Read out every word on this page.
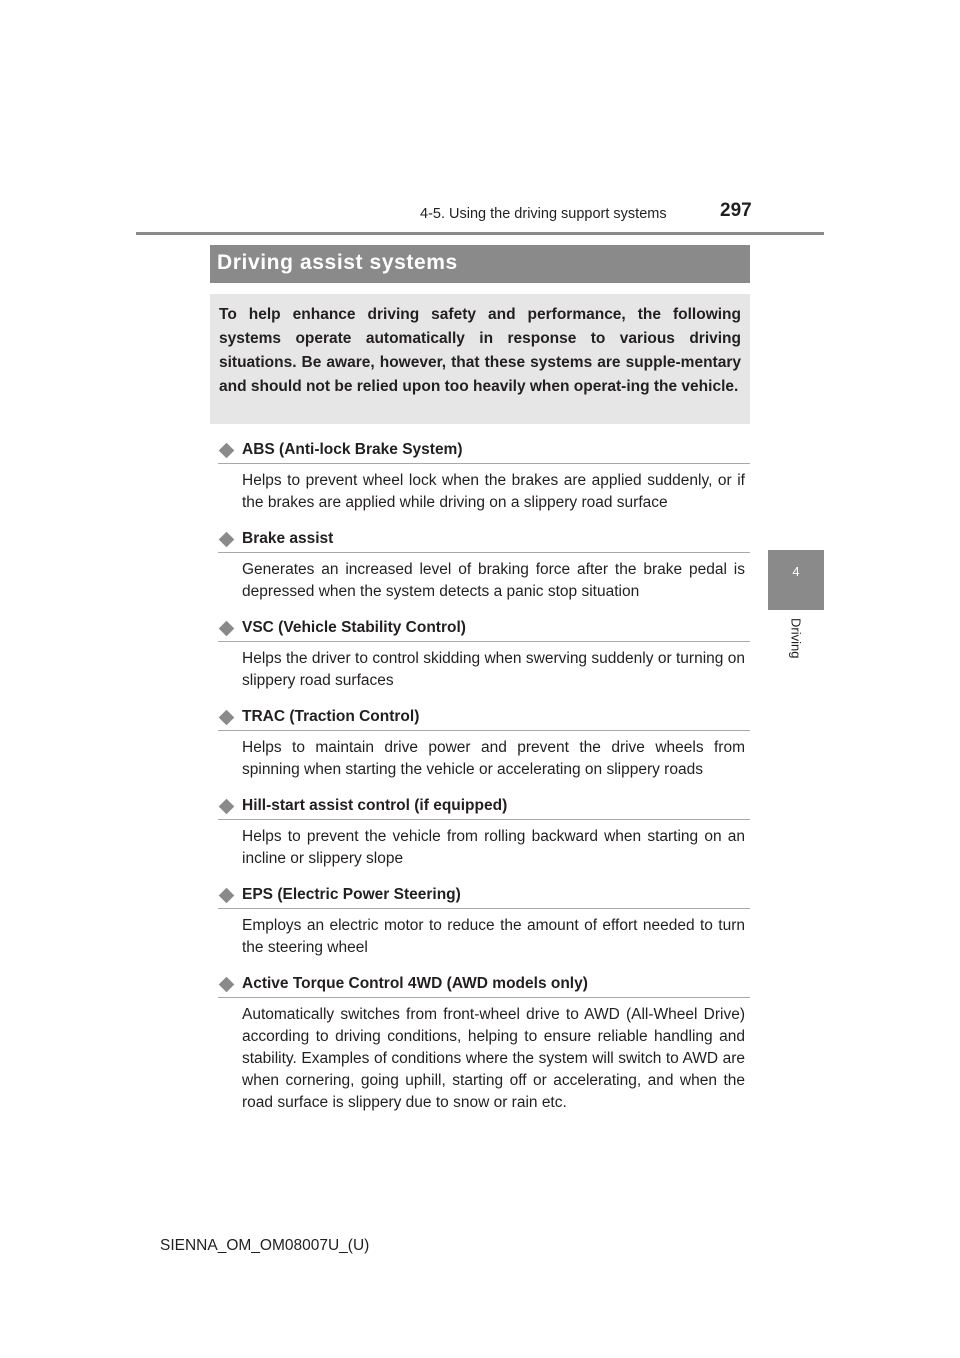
4-5. Using the driving support systems	297
4
Driving
Driving assist systems

To help enhance driving safety and performance, the following systems operate automatically in response to various driving situations. Be aware, however, that these systems are supple-mentary and should not be relied upon too heavily when operat-ing the vehicle.

ABS (Anti-lock Brake System)
Helps to prevent wheel lock when the brakes are applied suddenly, or if the brakes are applied while driving on a slippery road surface
Brake assist
Generates an increased level of braking force after the brake pedal is depressed when the system detects a panic stop situation
VSC (Vehicle Stability Control)
Helps the driver to control skidding when swerving suddenly or turning on slippery road surfaces
TRAC (Traction Control)
Helps to maintain drive power and prevent the drive wheels from spinning when starting the vehicle or accelerating on slippery roads
Hill-start assist control (if equipped)
Helps to prevent the vehicle from rolling backward when starting on an incline or slippery slope
EPS (Electric Power Steering)
Employs an electric motor to reduce the amount of effort needed to turn the steering wheel
Active Torque Control 4WD (AWD models only)
Automatically switches from front-wheel drive to AWD (All-Wheel Drive) according to driving conditions, helping to ensure reliable handling and stability. Examples of conditions where the system will switch to AWD are when cornering, going uphill, starting off or accelerating, and when the road surface is slippery due to snow or rain etc.
SIENNA_OM_OM08007U_(U)
